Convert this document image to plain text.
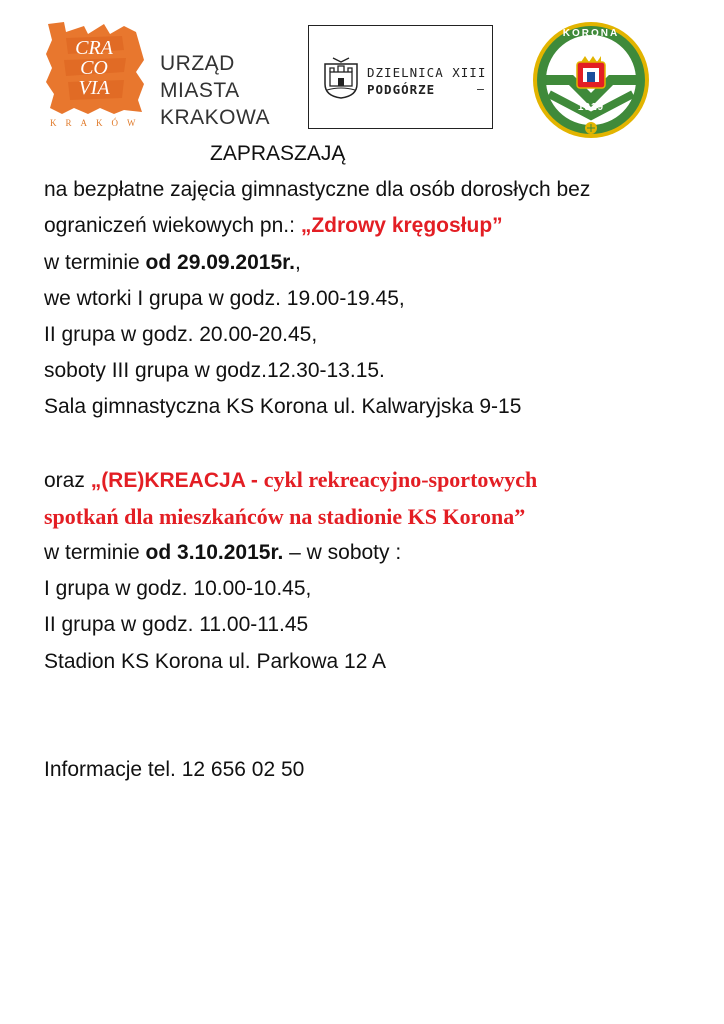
CRA
CO
VIA
KRAKÓW
URZĄD
MIASTA
KRAKOWA
DZIELNICA XIII
PODGÓRZE	–
KORONA
1919
ZAPRASZAJĄ
na bezpłatne zajęcia gimnastyczne dla osób dorosłych bez
ograniczeń wiekowych pn.: „Zdrowy kręgosłup”
w terminie od 29.09.2015r.,
we wtorki I grupa w godz. 19.00-19.45,
II grupa w godz. 20.00-20.45,
soboty III grupa w godz.12.30-13.15.
Sala gimnastyczna KS Korona ul. Kalwaryjska 9-15
oraz „(RE)KREACJA - cykl rekreacyjno-sportowych
spotkań dla mieszkańców na stadionie KS Korona”
w terminie od 3.10.2015r. – w soboty :
I grupa w godz. 10.00-10.45,
II grupa w godz. 11.00-11.45
Stadion KS Korona ul. Parkowa 12 A
Informacje tel. 12 656 02 50
